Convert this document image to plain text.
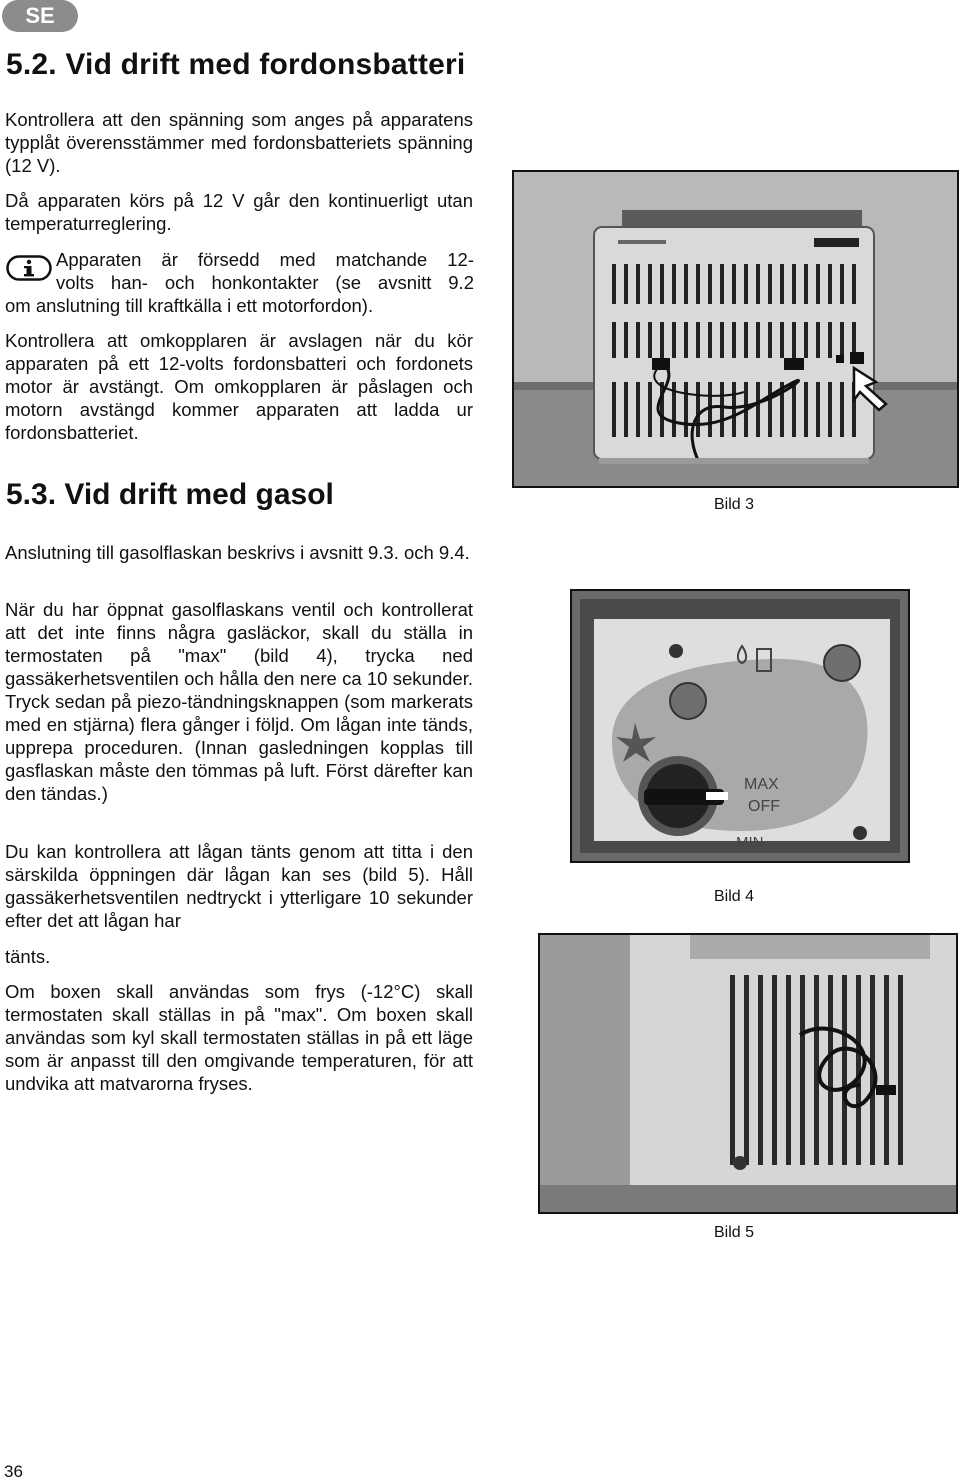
SE
5.2. Vid drift med fordonsbatteri

Kontrollera att den spänning som anges på apparatens typplåt överensstämmer med fordonsbatteriets spänning (12 V).

Då apparaten körs på 12 V går den kontinuerligt utan temperaturreglering.

Apparaten är försedd med matchande 12-
volts han- och honkontakter (se avsnitt 9.2
om anslutning till kraftkälla i ett motorfordon).

Kontrollera att omkopplaren är avslagen när du kör apparaten på ett 12-volts fordonsbatteri och fordonets motor är avstängt. Om omkopplaren är påslagen och motorn avstängd kommer apparaten att ladda ur fordonsbatteriet.

5.3. Vid drift med gasol

Anslutning till gasolflaskan beskrivs i avsnitt 9.3. och 9.4.

När du har öppnat gasolflaskans ventil och kontrollerat att det inte finns några gasläckor, skall du ställa in termostaten på "max" (bild 4), trycka ned gassäkerhetsventilen och hålla den nere ca 10 sekunder. Tryck sedan på piezo-tändningsknappen (som markerats med en stjärna) flera gånger i följd. Om lågan inte tänds, upprepa proceduren. (Innan gasledningen kopplas till gasflaskan måste den tömmas på luft. Först därefter kan den tändas.)

Du kan kontrollera att lågan tänts genom att titta i den särskilda öppningen där lågan kan ses (bild 5). Håll gassäkerhetsventilen nedtryckt i ytterligare 10 sekunder efter det att lågan har

tänts.

Om boxen skall användas som frys (-12°C) skall termostaten skall ställas in på "max". Om boxen skall användas som kyl skall termostaten ställas in på ett läge som är anpasst till den omgivande temperaturen, för att undvika att matvarorna fryses.

Bild 3
MAX
OFF
MIN
Bild 4
Bild 5
36
